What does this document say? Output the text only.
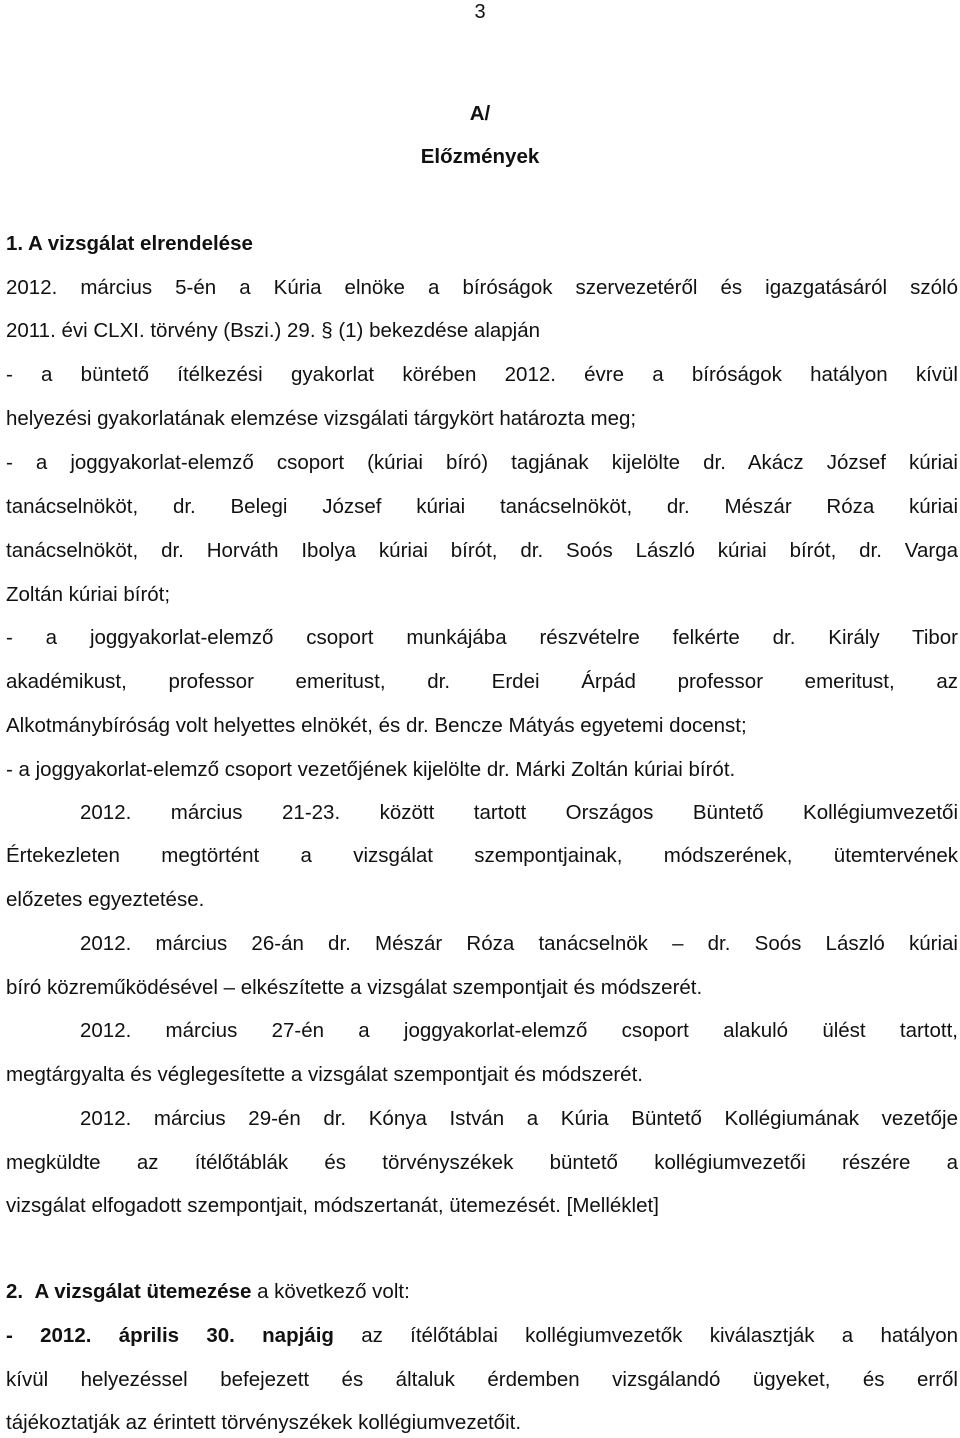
3
A/
Előzmények
1. A vizsgálat elrendelése
2012. március 5-én a Kúria elnöke a bíróságok szervezetéről és igazgatásáról szóló
2011. évi CLXI. törvény (Bszi.) 29. § (1) bekezdése alapján
- a büntető ítélkezési gyakorlat körében 2012. évre a bíróságok hatályon kívül
helyezési gyakorlatának elemzése vizsgálati tárgykört határozta meg;
- a joggyakorlat-elemző csoport (kúriai bíró) tagjának kijelölte dr. Akácz József kúriai
tanácselnököt, dr. Belegi József kúriai tanácselnököt, dr. Mészár Róza kúriai
tanácselnököt, dr. Horváth Ibolya kúriai bírót, dr. Soós László kúriai bírót, dr. Varga
Zoltán kúriai bírót;
- a joggyakorlat-elemző csoport munkájába részvételre felkérte dr. Király Tibor
akadémikust, professor emeritust, dr. Erdei Árpád professor emeritust, az
Alkotmánybíróság volt helyettes elnökét, és dr. Bencze Mátyás egyetemi docenst;
- a joggyakorlat-elemző csoport vezetőjének kijelölte dr. Márki Zoltán kúriai bírót.
2012. március 21-23. között tartott Országos Büntető Kollégiumvezetői
Értekezleten megtörtént a vizsgálat szempontjainak, módszerének, ütemtervének
előzetes egyeztetése.
2012. március 26-án dr. Mészár Róza tanácselnök – dr. Soós László kúriai
bíró közreműködésével – elkészítette a vizsgálat szempontjait és módszerét.
2012. március 27-én a joggyakorlat-elemző csoport alakuló ülést tartott,
megtárgyalta és véglegesítette a vizsgálat szempontjait és módszerét.
2012. március 29-én dr. Kónya István a Kúria Büntető Kollégiumának vezetője
megküldte az ítélőtáblák és törvényszékek büntető kollégiumvezetői részére a
vizsgálat elfogadott szempontjait, módszertanát, ütemezését. [Melléklet]
2. A vizsgálat ütemezése a következő volt:
- 2012. április 30. napjáig az ítélőtáblai kollégiumvezetők kiválasztják a hatályon
kívül helyezéssel befejezett és általuk érdemben vizsgálandó ügyeket, és erről
tájékoztatják az érintett törvényszékek kollégiumvezetőit.
